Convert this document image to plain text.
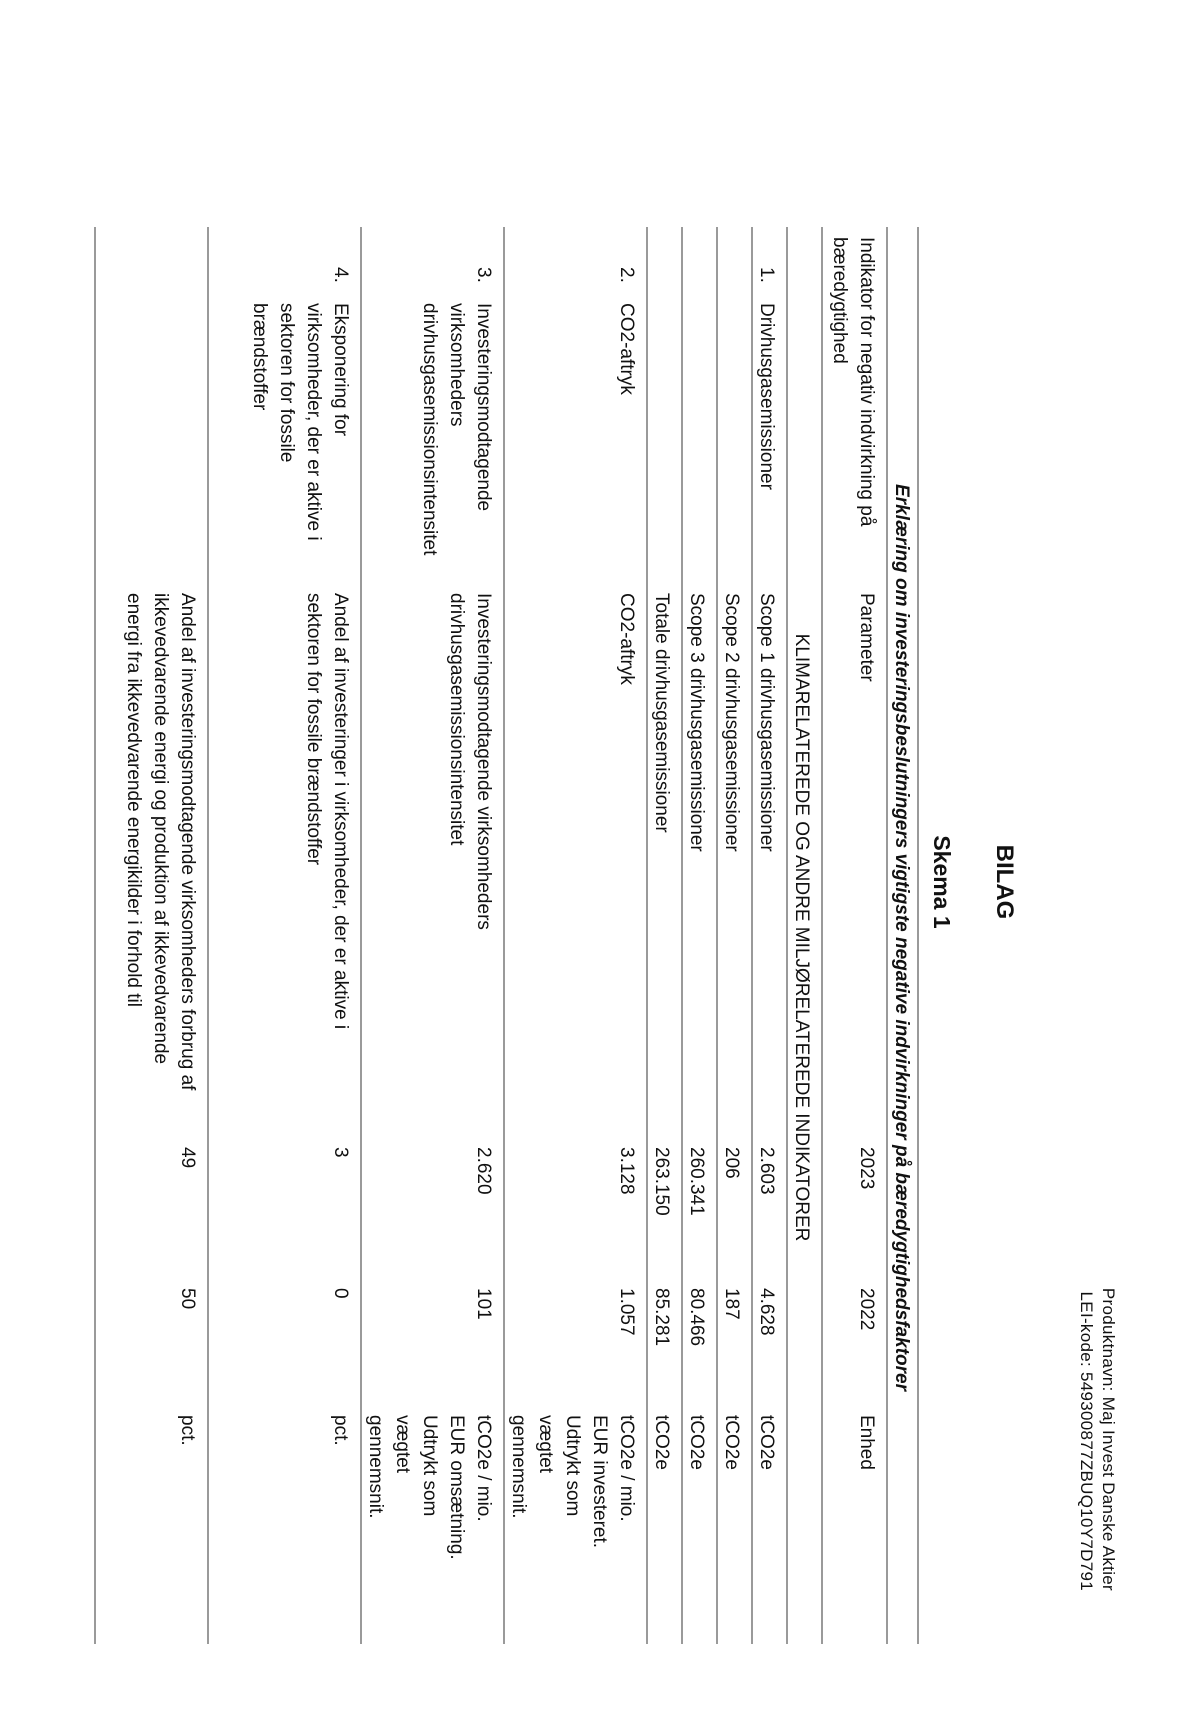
Produktnavn: Maj Invest Danske Aktier
LEI-kode: 549300877ZBUQ10Y7D791
BILAG
Skema 1
Erklæring om investeringsbeslutningers vigtigste negative indvirkninger på bæredygtighedsfaktorer				
Indikator for negativ indvirkning på
bæredygtighed	Parameter	2023	2022	Enhed
KLIMARELATEREDE OG ANDRE MILJØRELATEREDE INDIKATORER				

1.
Drivhusgasemissioner	Scope 1 drivhusgasemissioner	2.603	4.628	tCO2e
	Scope 2 drivhusgasemissioner	206	187	tCO2e
	Scope 3 drivhusgasemissioner	260.341	80.466	tCO2e
	Totale drivhusgasemissioner	263.150	85.281	tCO2e

2.
CO2-aftryk	CO2-aftryk	3.128	1.057	tCO2e / mio.
EUR investeret.
Udtrykt som
vægtet
gennemsnit.

3.
Investeringsmodtagende
virksomheders
drivhusgasemissionsintensitet	Investeringsmodtagende virksomheders
drivhusgasemissionsintensitet	2.620	101	tCO2e / mio.
EUR omsætning.
Udtrykt som
vægtet
gennemsnit.

4.
Eksponering for
virksomheder, der er aktive i
sektoren for fossile
brændstoffer	Andel af investeringer i virksomheder, der er aktive i
sektoren for fossile brændstoffer	3	0	pct.
	Andel af investeringsmodtagende virksomheders forbrug af
ikkevedvarende energi og produktion af ikkevedvarende
energi fra ikkevedvarende energikilder i forhold til	49	50	pct.
